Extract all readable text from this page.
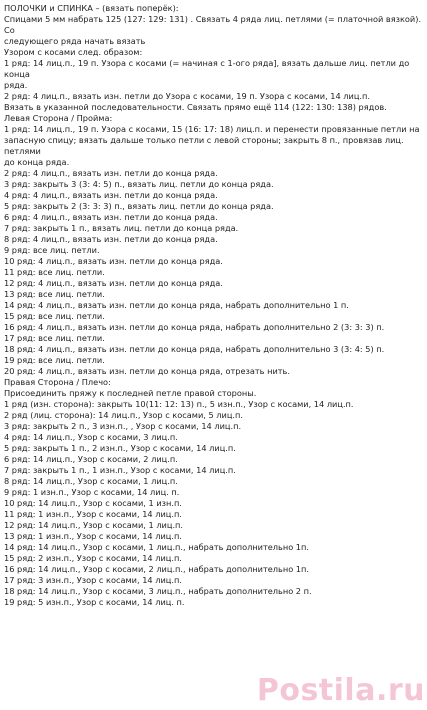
ПОЛОЧКИ и СПИНКА – (вязать поперёк):
Спицами 5 мм набрать 125 (127: 129: 131) . Связать 4 ряда лиц. петлями (= платочной вязкой). Со
следующего ряда начать вязать
Узором с косами след. образом:
1 ряд: 14 лиц.п., 19 п. Узора с косами (= начиная с 1-ого ряда], вязать дальше лиц. петли до конца
ряда.
2 ряд: 4 лиц.п., вязать изн. петли до Узора с косами, 19 п. Узора с косами, 14 лиц.п.
Вязать в указанной последовательности. Связать прямо ещё 114 (122: 130: 138) рядов.
Левая Сторона / Пройма:
1 ряд: 14 лиц.п., 19 п. Узора с косами, 15 (16: 17: 18) лиц.п. и перенести провязанные петли на
запасную спицу; вязать дальше только петли с левой стороны; закрыть 8 п., провязав лиц. петлями
до конца ряда.
2 ряд: 4 лиц.п., вязать изн. петли до конца ряда.
3 ряд: закрыть 3 (3: 4: 5) п., вязать лиц. петли до конца ряда.
4 ряд: 4 лиц.п., вязать изн. петли до конца ряда.
5 ряд: закрыть 2 (3: 3: 3) п., вязать лиц. петли до конца ряда.
6 ряд: 4 лиц.п., вязать изн. петли до конца ряда.
7 ряд: закрыть 1 п., вязать лиц. петли до конца ряда.
8 ряд: 4 лиц.п., вязать изн. петли до конца ряда.
9 ряд: все лиц. петли.
10 ряд: 4 лиц.п., вязать изн. петли до конца ряда.
11 ряд: все лиц. петли.
12 ряд: 4 лиц.п., вязать изн. петли до конца ряда.
13 ряд: все лиц. петли.
14 ряд: 4 лиц.п., вязать изн. петли до конца ряда, набрать дополнительно 1 п.
15 ряд: все лиц. петли.
16 ряд: 4 лиц.п., вязать изн. петли до конца ряда, набрать дополнительно 2 (3: 3: 3) п.
17 ряд: все лиц. петли.
18 ряд: 4 лиц.п., вязать изн. петли до конца ряда, набрать дополнительно 3 (3: 4: 5) п.
19 ряд: все лиц. петли.
20 ряд: 4 лиц.п., вязать изн. петли до конца ряда, отрезать нить.
Правая Сторона / Плечо:
Присоединить пряжу к последней петле правой стороны.
1 ряд (изн. сторона): закрыть 10(11: 12: 13) п., 5 изн.п., Узор с косами, 14 лиц.п.
2 ряд (лиц. сторона): 14 лиц.п., Узор с косами, 5 лиц.п.
3 ряд: закрыть 2 п., 3 изн.п., , Узор с косами, 14 лиц.п.
4 ряд: 14 лиц.п., Узор с косами, 3 лиц.п.
5 ряд: закрыть 1 п., 2 изн.п., Узор с косами, 14 лиц.п.
6 ряд: 14 лиц.п., Узор с косами, 2 лиц.п.
7 ряд: закрыть 1 п., 1 изн.п., Узор с косами, 14 лиц.п.
8 ряд: 14 лиц.п., Узор с косами, 1 лиц.п.
9 ряд: 1 изн.п., Узор с косами, 14 лиц. п.
10 ряд: 14 лиц.п., Узор с косами, 1 изн.п.
11 ряд: 1 изн.п., Узор с косами, 14 лиц.п.
12 ряд: 14 лиц.п., Узор с косами, 1 лиц.п.
13 ряд: 1 изн.п., Узор с косами, 14 лиц.п.
14 ряд: 14 лиц.п., Узор с косами, 1 лиц.п., набрать дополнительно 1п.
15 ряд: 2 изн.п., Узор с косами, 14 лиц.п.
16 ряд: 14 лиц.п., Узор с косами, 2 лиц.п., набрать дополнительно 1п.
17 ряд: 3 изн.п., Узор с косами, 14 лиц.п.
18 ряд: 14 лиц.п., Узор с косами, 3 лиц.п., набрать дополнительно 2 п.
19 ряд: 5 изн.п., Узор с косами, 14 лиц. п.
Postila.ru
